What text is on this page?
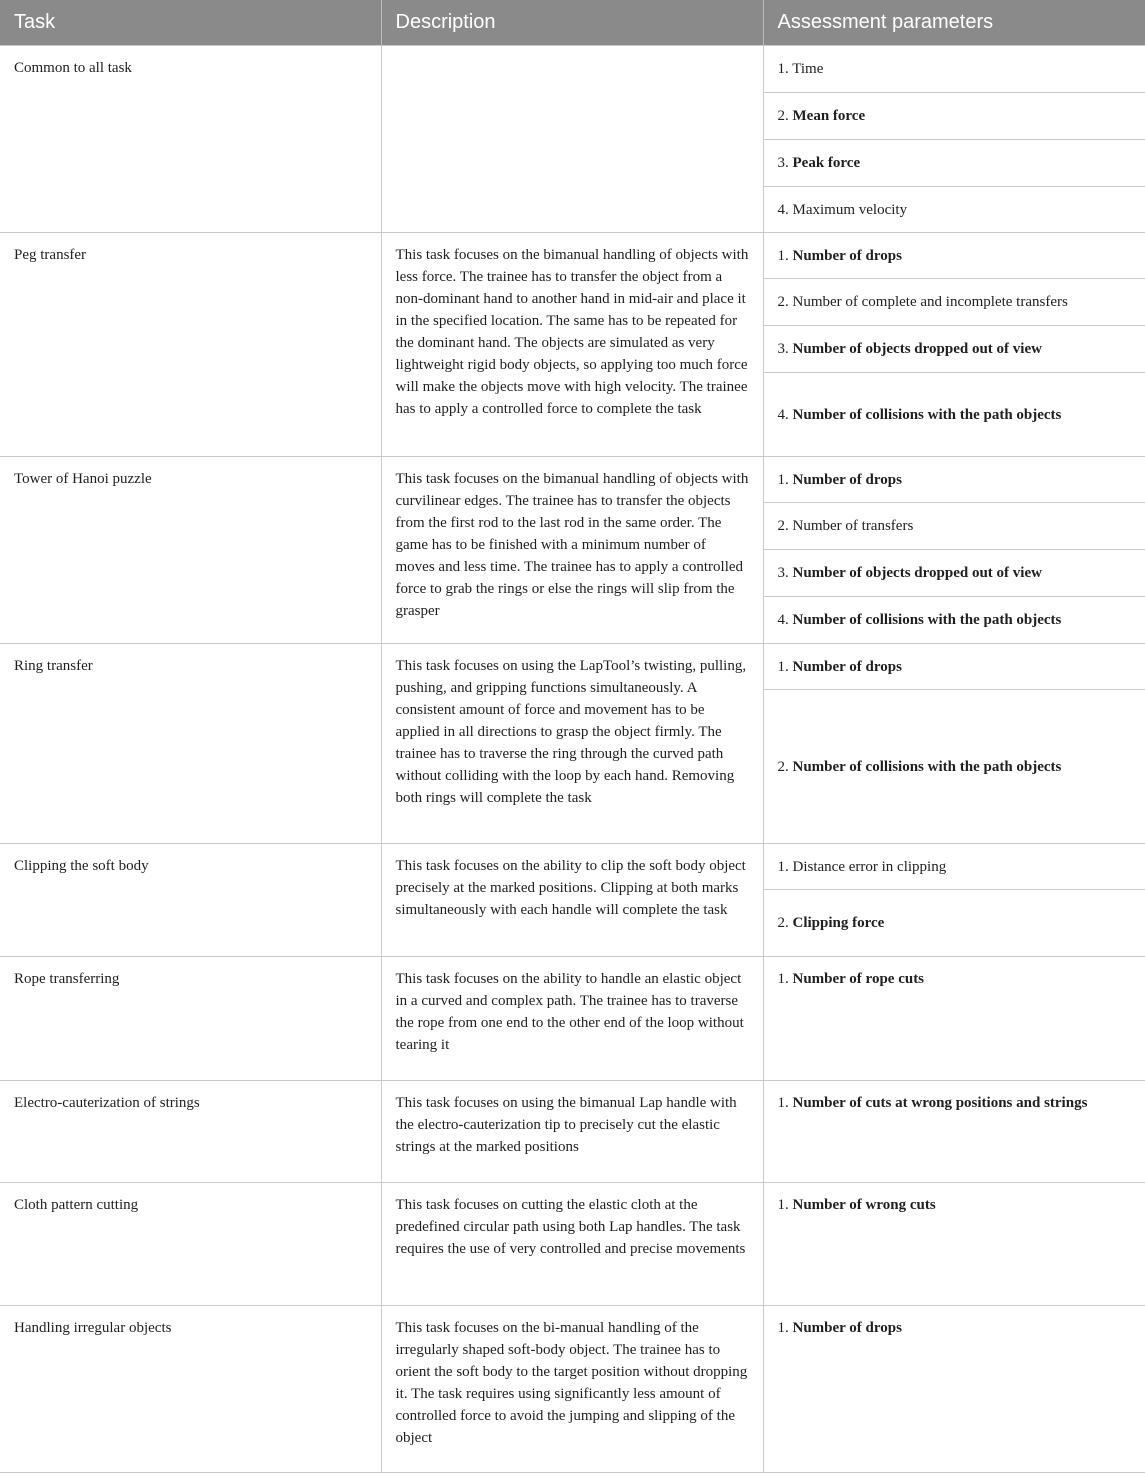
Task	Description	Assessment parameters
Common to all task		1. Time
		2. Mean force
		3. Peak force
		4. Maximum velocity
Peg transfer	This task focuses on the bimanual handling of objects with less force. The trainee has to transfer the object from a non-dominant hand to another hand in mid-air and place it in the specified location. The same has to be repeated for the dominant hand. The objects are simulated as very lightweight rigid body objects, so applying too much force will make the objects move with high velocity. The trainee has to apply a controlled force to complete the task	1. Number of drops
		2. Number of complete and incomplete transfers
		3. Number of objects dropped out of view
		4. Number of collisions with the path objects
Tower of Hanoi puzzle	This task focuses on the bimanual handling of objects with curvilinear edges. The trainee has to transfer the objects from the first rod to the last rod in the same order. The game has to be finished with a minimum number of moves and less time. The trainee has to apply a controlled force to grab the rings or else the rings will slip from the grasper	1. Number of drops
		2. Number of transfers
		3. Number of objects dropped out of view
		4. Number of collisions with the path objects
Ring transfer	This task focuses on using the LapTool’s twisting, pulling, pushing, and gripping functions simultaneously. A consistent amount of force and movement has to be applied in all directions to grasp the object firmly. The trainee has to traverse the ring through the curved path without colliding with the loop by each hand. Removing both rings will complete the task	1. Number of drops
		2. Number of collisions with the path objects
Clipping the soft body	This task focuses on the ability to clip the soft body object precisely at the marked positions. Clipping at both marks simultaneously with each handle will complete the task	1. Distance error in clipping
		2. Clipping force
Rope transferring	This task focuses on the ability to handle an elastic object in a curved and complex path. The trainee has to traverse the rope from one end to the other end of the loop without tearing it	1. Number of rope cuts
Electro-cauterization of strings	This task focuses on using the bimanual Lap handle with the electro-cauterization tip to precisely cut the elastic strings at the marked positions	1. Number of cuts at wrong positions and strings
Cloth pattern cutting	This task focuses on cutting the elastic cloth at the predefined circular path using both Lap handles. The task requires the use of very controlled and precise movements	1. Number of wrong cuts
Handling irregular objects	This task focuses on the bi-manual handling of the irregularly shaped soft-body object. The trainee has to orient the soft body to the target position without dropping it. The task requires using significantly less amount of controlled force to avoid the jumping and slipping of the object	1. Number of drops
